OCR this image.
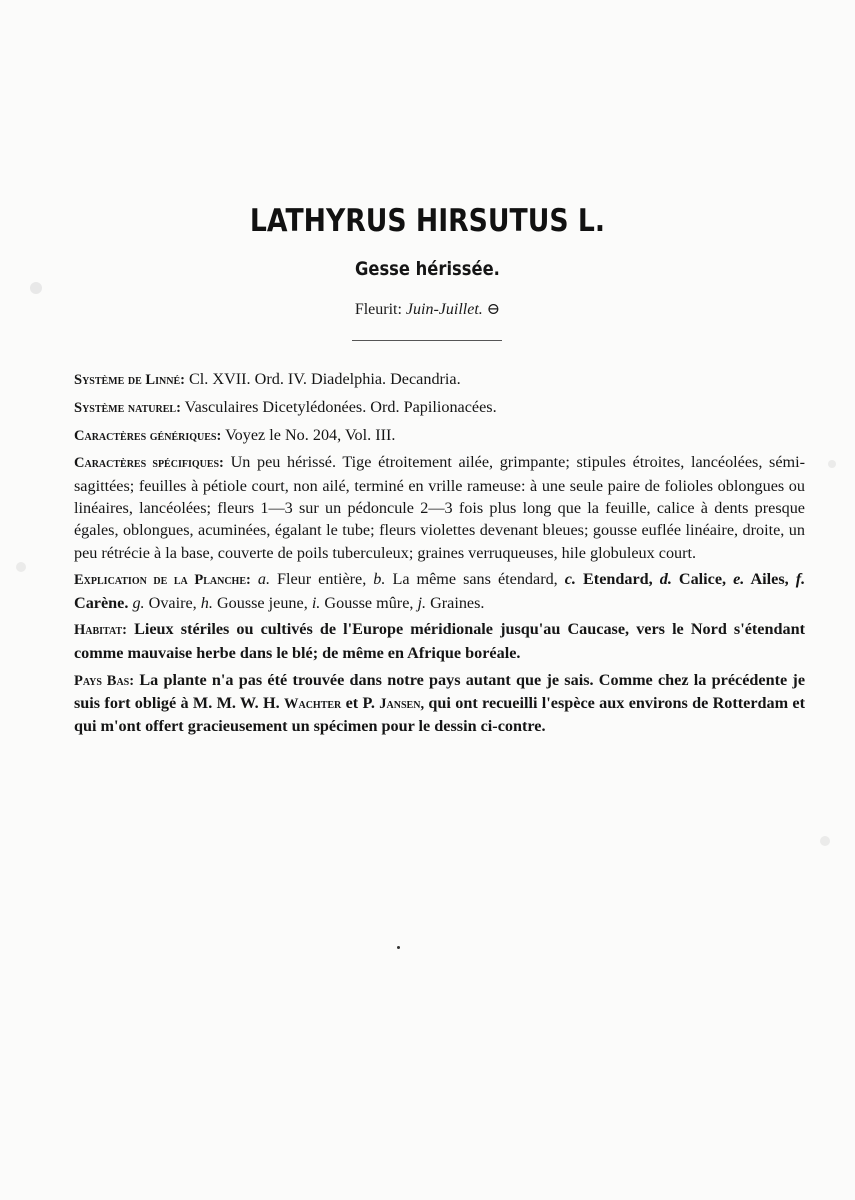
LATHYRUS HIRSUTUS L.
Gesse hérissée.
Fleurit: Juin-Juillet. ⊖

Système de Linné: Cl. XVII. Ord. IV. Diadelphia. Decandria.

Système naturel: Vasculaires Dicetylédonées. Ord. Papilionacées.

Caractères génériques: Voyez le No. 204, Vol. III.

Caractères spécifiques: Un peu hérissé. Tige étroitement ailée, grimpante; stipules étroites, lancéolées, sémi-sagittées; feuilles à pétiole court, non ailé, terminé en vrille rameuse: à une seule paire de folioles oblongues ou linéaires, lancéolées; fleurs 1—3 sur un pédoncule 2—3 fois plus long que la feuille, calice à dents presque égales, oblongues, acuminées, égalant le tube; fleurs violettes devenant bleues; gousse euflée linéaire, droite, un peu rétrécie à la base, couverte de poils tuberculeux; graines verruqueuses, hile globuleux court.

Explication de la Planche: a. Fleur entière, b. La même sans étendard, c. Etendard, d. Calice, e. Ailes, f. Carène. g. Ovaire, h. Gousse jeune, i. Gousse mûre, j. Graines.

Habitat: Lieux stériles ou cultivés de l'Europe méridionale jusqu'au Caucase, vers le Nord s'étendant comme mauvaise herbe dans le blé; de même en Afrique boréale.

Pays Bas: La plante n'a pas été trouvée dans notre pays autant que je sais. Comme chez la précédente je suis fort obligé à M. M. W. H. Wachter et P. Jansen, qui ont recueilli l'espèce aux environs de Rotterdam et qui m'ont offert gracieusement un spécimen pour le dessin ci-contre.
